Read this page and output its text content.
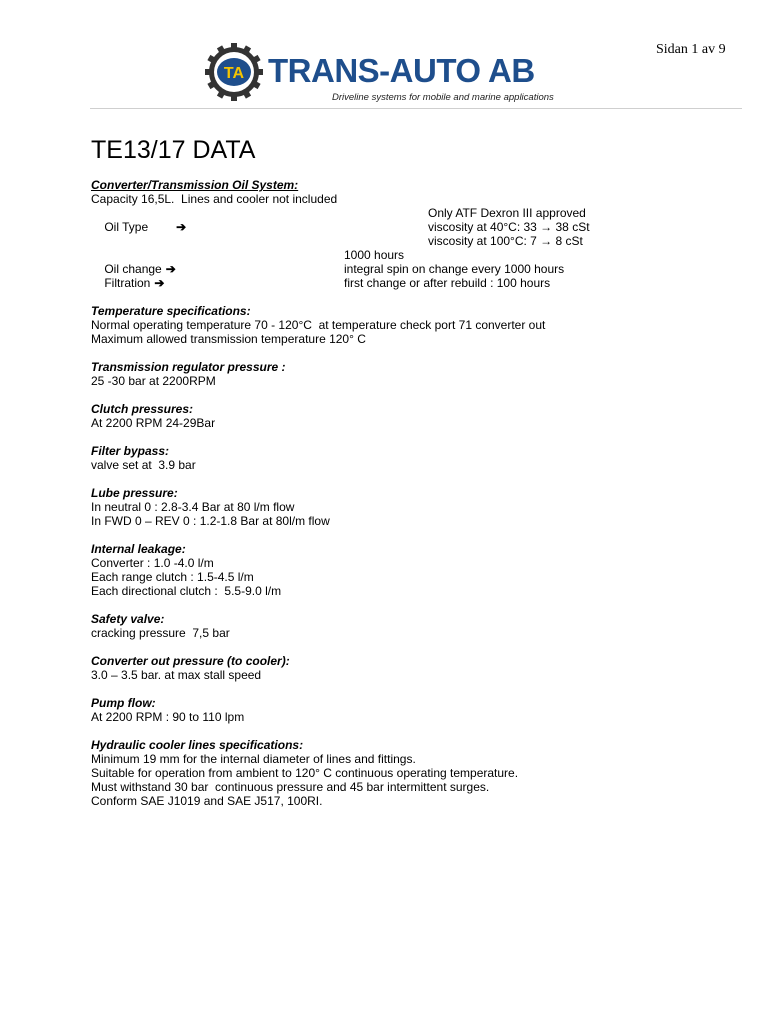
Sidan 1 av 9
TA TRANS-AUTO AB
Driveline systems for mobile and marine applications
TE13/17 DATA
Converter/Transmission Oil System:
Capacity 16,5L.  Lines and cooler not included

Oil Type ➔

Only ATF Dexron III approved

viscosity at 40°C: 33 → 38 cSt

viscosity at 100°C: 7 → 8 cSt

Oil change ➔

1000 hours

Filtration ➔

integral spin on change every 1000 hours

first change or after rebuild : 100 hours

Temperature specifications:
Normal operating temperature 70 - 120°C  at temperature check port 71 converter out
Maximum allowed transmission temperature 120° C
Transmission regulator pressure :
25 -30 bar at 2200RPM
Clutch pressures:
At 2200 RPM 24-29Bar
Filter bypass:
valve set at  3.9 bar
Lube pressure:
In neutral 0 : 2.8-3.4 Bar at 80 l/m flow
In FWD 0 – REV 0 : 1.2-1.8 Bar at 80l/m flow
Internal leakage:
Converter : 1.0 -4.0 l/m
Each range clutch : 1.5-4.5 l/m
Each directional clutch :  5.5-9.0 l/m
Safety valve:
cracking pressure  7,5 bar
Converter out pressure (to cooler):
3.0 – 3.5 bar. at max stall speed
Pump flow:
At 2200 RPM : 90 to 110 lpm
Hydraulic cooler lines specifications:
Minimum 19 mm for the internal diameter of lines and fittings.
Suitable for operation from ambient to 120° C continuous operating temperature.
Must withstand 30 bar  continuous pressure and 45 bar intermittent surges.
Conform SAE J1019 and SAE J517, 100RI.
